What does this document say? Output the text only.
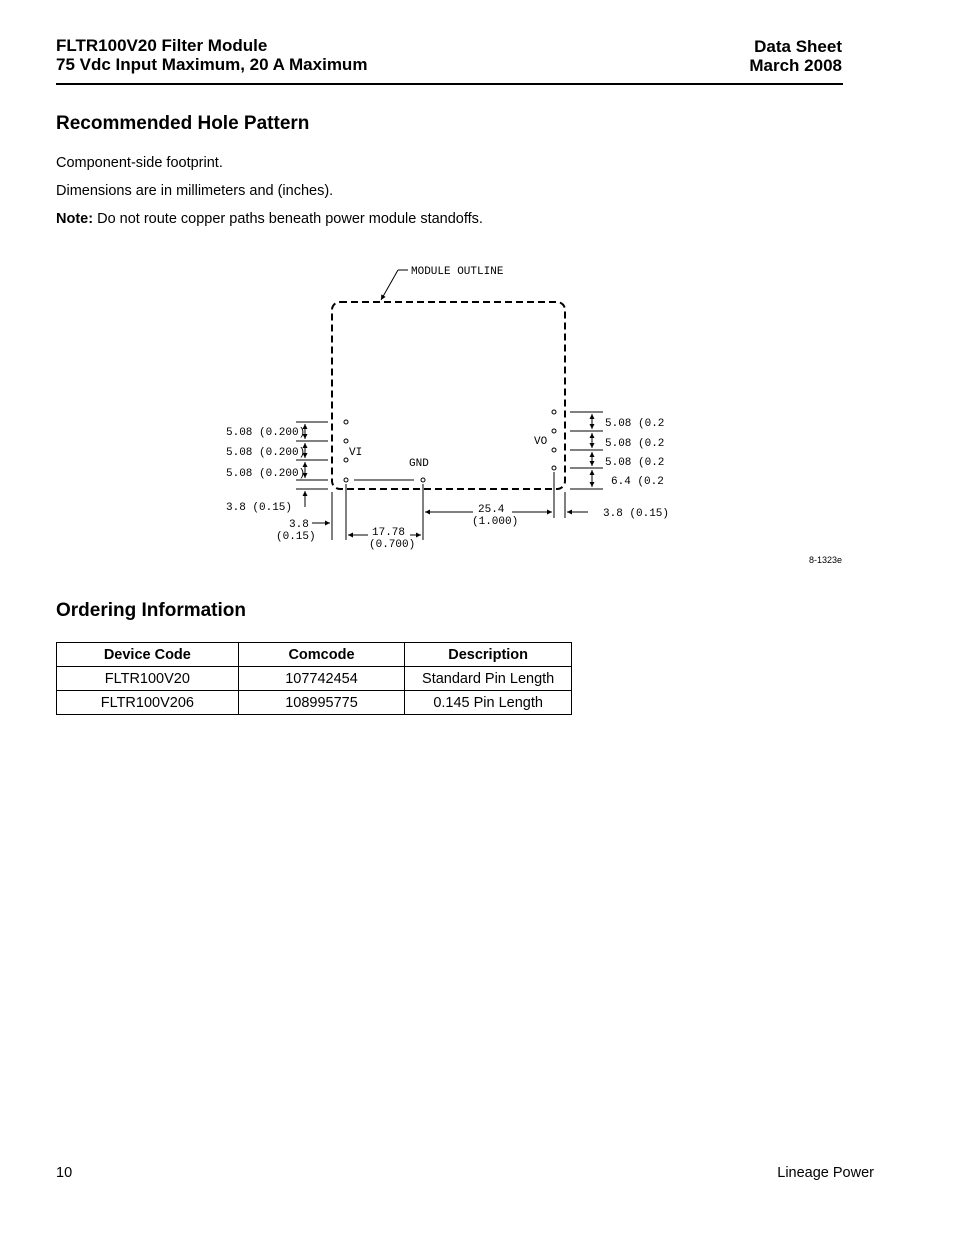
FLTR100V20 Filter Module
75 Vdc Input Maximum, 20 A Maximum
Data Sheet
March 2008
Recommended Hole Pattern

Component-side footprint.

Dimensions are in millimeters and (inches).

Note: Do not route copper paths beneath power module standoffs.

MODULE OUTLINE
VI
GND
VO
5.08 (0.200)
5.08 (0.200)
5.08 (0.200)
3.8 (0.15)
3.8
(0.15)	17.78
(0.700)
25.4
(1.000)
3.8 (0.15)
5.08 (0.2
5.08 (0.2
5.08 (0.2
6.4 (0.2
8-1323e
Ordering Information
Device Code	Comcode	Description
FLTR100V20	107742454	Standard Pin Length
FLTR100V206	108995775	0.145 Pin Length
10	Lineage Power
